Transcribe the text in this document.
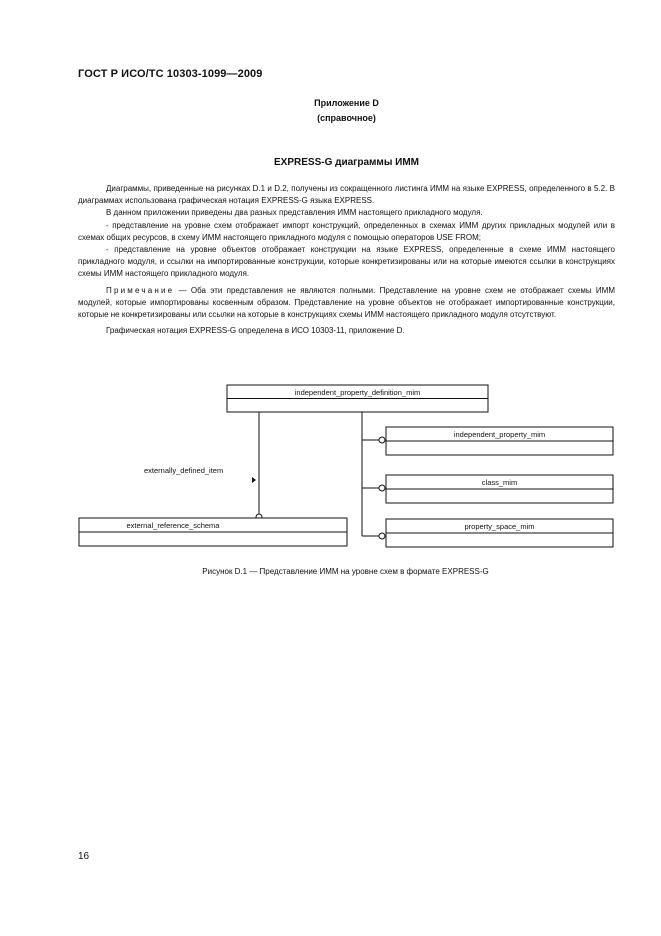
ГОСТ Р ИСО/ТС 10303-1099—2009
Приложение D
(справочное)
EXPRESS-G диаграммы ИММ

Диаграммы, приведенные на рисунках D.1 и D.2, получены из сокращенного листинга ИММ на языке EXPRESS, определенного в 5.2. В диаграммах использована графическая нотация EXPRESS-G языка EXPRESS.

В данном приложении приведены два разных представления ИММ настоящего прикладного модуля.

- представление на уровне схем отображает импорт конструкций, определенных в схемах ИММ других прикладных модулей или в схемах общих ресурсов, в схему ИММ настоящего прикладного модуля с помощью операторов USE FROM;

- представление на уровне объектов отображает конструкции на языке EXPRESS, определенные в схеме ИММ настоящего прикладного модуля, и ссылки на импортированные конструкции, которые конкретизированы или на которые имеются ссылки в конструкциях схемы ИММ настоящего прикладного модуля.

Примечание — Оба эти представления не являются полными. Представление на уровне схем не отображает схемы ИММ модулей, которые импортированы косвенным образом. Представление на уровне объектов не отображает импортированные конструкции, которые не конкретизированы или ссылки на которые в конструкциях схемы ИММ настоящего прикладного модуля отсутствуют.

Графическая нотация EXPRESS-G определена в ИСО 10303-11, приложение D.

independent_property_definition_mim
externally_defined_item
external_reference_schema
independent_property_mim
class_mim
property_space_mim
Рисунок D.1 — Представление ИММ на уровне схем в формате EXPRESS-G
16
